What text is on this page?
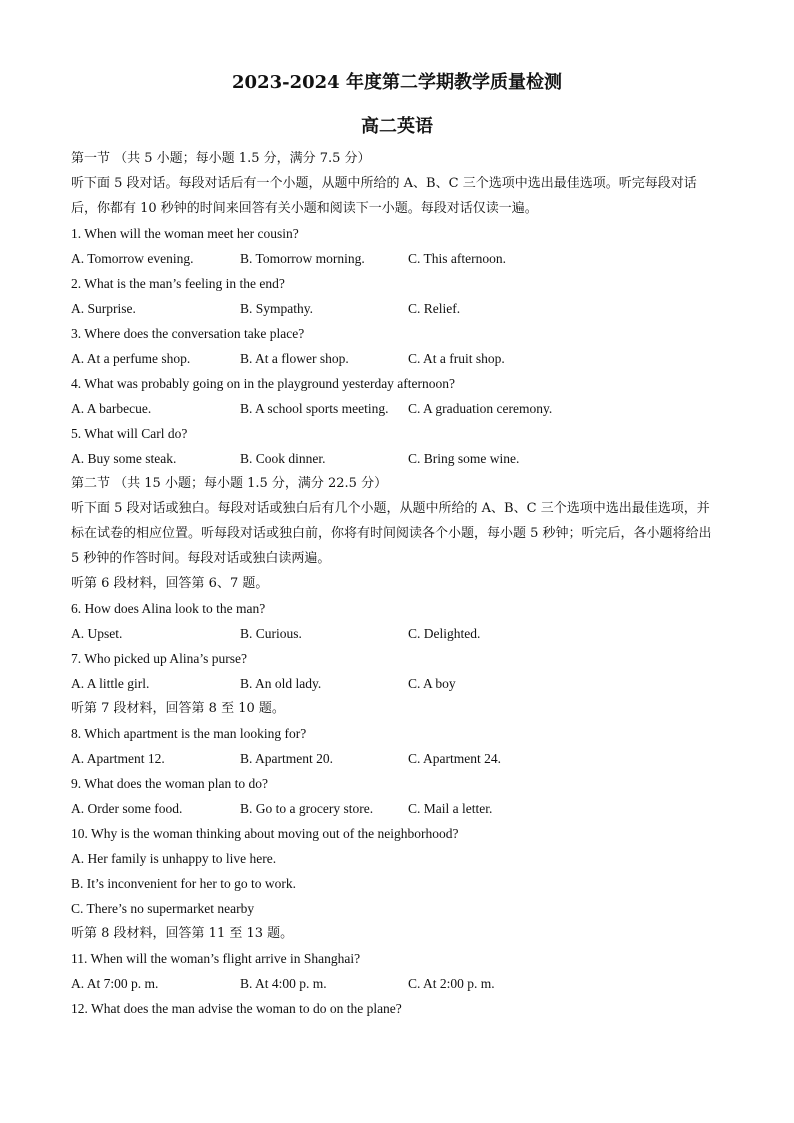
2023-2024 年度第二学期教学质量检测
高二英语
第一节 （共 5 小题；每小题 1.5 分，满分 7.5 分）
听下面 5 段对话。每段对话后有一个小题，从题中所给的 A、B、C 三个选项中选出最佳选项。听完每段对话后，你都有 10 秒钟的时间来回答有关小题和阅读下一小题。每段对话仅读一遍。
1. When will the woman meet her cousin?
A. Tomorrow evening.	B. Tomorrow morning.	C. This afternoon.
2. What is the man’s feeling in the end?
A. Surprise.	B. Sympathy.	C. Relief.
3. Where does the conversation take place?
A. At a perfume shop.	B. At a flower shop.	C. At a fruit shop.
4. What was probably going on in the playground yesterday afternoon?
A. A barbecue.	B. A school sports meeting. C. A graduation ceremony.
5. What will Carl do?
A. Buy some steak.	B. Cook dinner.	C. Bring some wine.
第二节 （共 15 小题；每小题 1.5 分，满分 22.5 分）
听下面 5 段对话或独白。每段对话或独白后有几个小题，从题中所给的 A、B、C 三个选项中选出最佳选项，并标在试卷的相应位置。听每段对话或独白前，你将有时间阅读各个小题，每小题 5 秒钟；听完后，各小题将给出 5 秒钟的作答时间。每段对话或独白读两遍。
听第 6 段材料，回答第 6、7 题。
6. How does Alina look to the man?
A. Upset.	B. Curious.	C. Delighted.
7. Who picked up Alina’s purse?
A. A little girl.	B. An old lady.	C. A boy
听第 7 段材料，回答第 8 至 10 题。
8. Which apartment is the man looking for?
A. Apartment 12.	B. Apartment 20.	C. Apartment 24.
9. What does the woman plan to do?
A. Order some food.	B. Go to a grocery store.	C. Mail a letter.
10. Why is the woman thinking about moving out of the neighborhood?
A. Her family is unhappy to live here.
B. It’s inconvenient for her to go to work.
C. There’s no supermarket nearby
听第 8 段材料，回答第 11 至 13 题。
11. When will the woman’s flight arrive in Shanghai?
A. At 7:00 p. m.	B. At 4:00 p. m.	C. At 2:00 p. m.
12. What does the man advise the woman to do on the plane?
